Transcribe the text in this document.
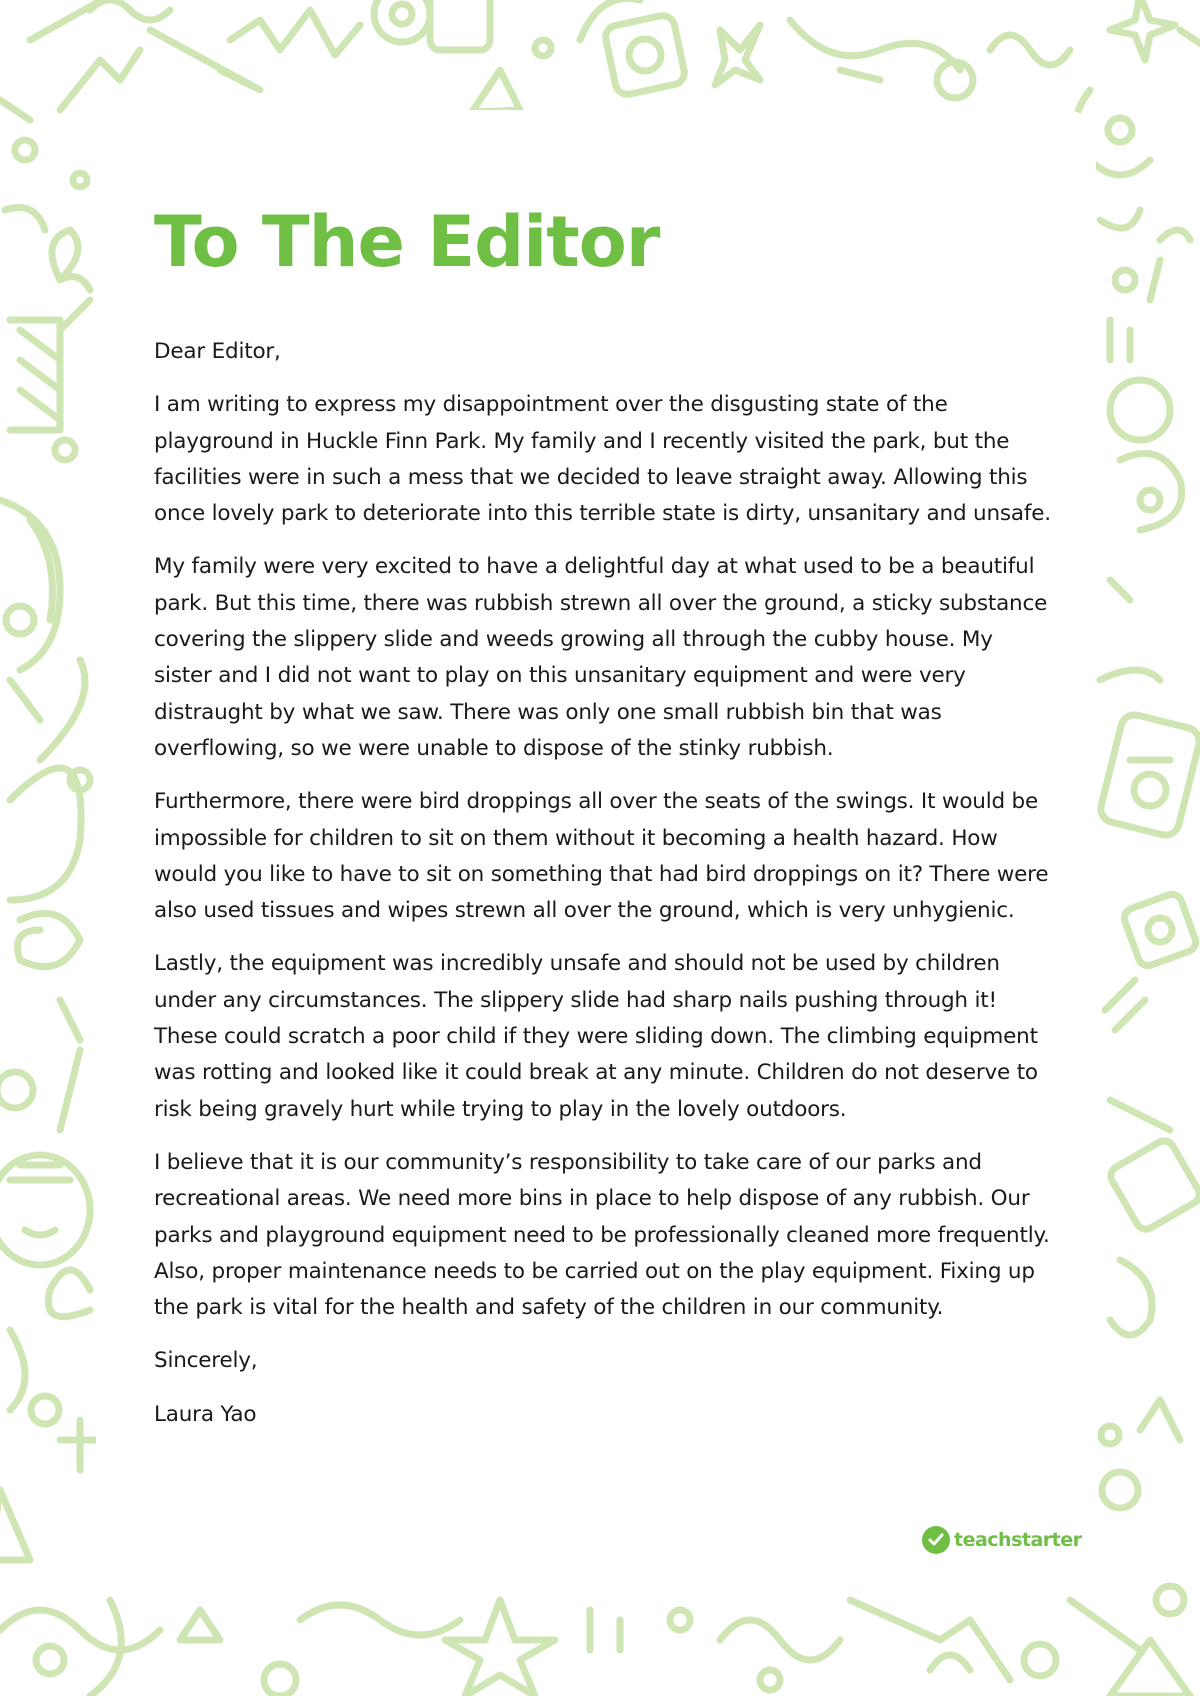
To The Editor

Dear Editor,

I am writing to express my disappointment over the disgusting state of the playground in Huckle Finn Park. My family and I recently visited the park, but the facilities were in such a mess that we decided to leave straight away. Allowing this once lovely park to deteriorate into this terrible state is dirty, unsanitary and unsafe.

My family were very excited to have a delightful day at what used to be a beautiful park. But this time, there was rubbish strewn all over the ground, a sticky substance covering the slippery slide and weeds growing all through the cubby house. My sister and I did not want to play on this unsanitary equipment and were very distraught by what we saw. There was only one small rubbish bin that was overflowing, so we were unable to dispose of the stinky rubbish.

Furthermore, there were bird droppings all over the seats of the swings. It would be impossible for children to sit on them without it becoming a health hazard. How would you like to have to sit on something that had bird droppings on it? There were also used tissues and wipes strewn all over the ground, which is very unhygienic.

Lastly, the equipment was incredibly unsafe and should not be used by children under any circumstances. The slippery slide had sharp nails pushing through it! These could scratch a poor child if they were sliding down. The climbing equipment was rotting and looked like it could break at any minute. Children do not deserve to risk being gravely hurt while trying to play in the lovely outdoors.

I believe that it is our community’s responsibility to take care of our parks and recreational areas. We need more bins in place to help dispose of any rubbish. Our parks and playground equipment need to be professionally cleaned more frequently. Also, proper maintenance needs to be carried out on the play equipment. Fixing up the park is vital for the health and safety of the children in our community.

Sincerely,

Laura Yao

teachstarter
